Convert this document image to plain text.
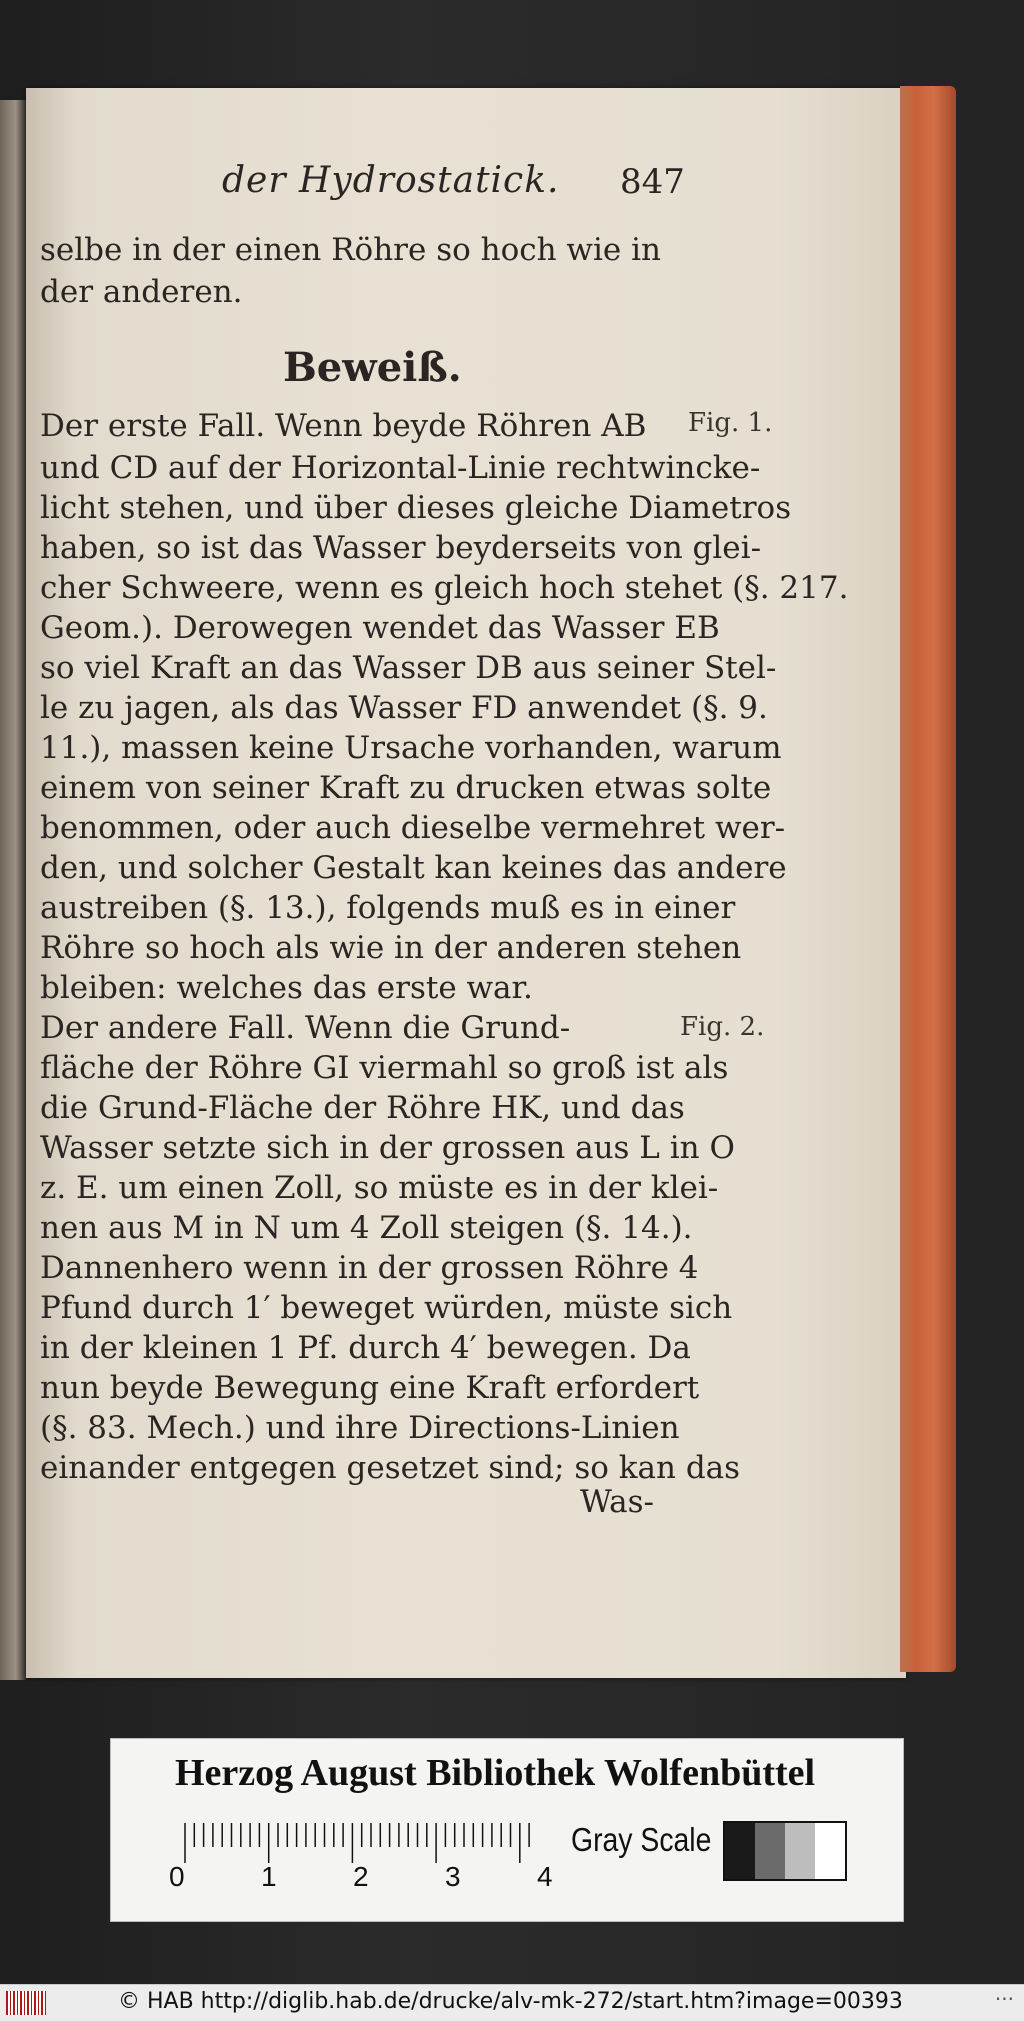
der Hydrostatick. 847
selbe in der einen Röhre so hoch wie in
der anderen.
Der erste Fall. Wenn beyde Röhren AB
und CD auf der Horizontal-Linie rechtwincke-
licht stehen, und über dieses gleiche Diametros
haben, so ist das Wasser beyderseits von glei-
cher Schweere, wenn es gleich hoch stehet (§. 217.
Geom.). Derowegen wendet das Wasser EB
so viel Kraft an das Wasser DB aus seiner Stel-
le zu jagen, als das Wasser FD anwendet (§. 9.
11.), massen keine Ursache vorhanden, warum
einem von seiner Kraft zu drucken etwas solte
benommen, oder auch dieselbe vermehret wer-
den, und solcher Gestalt kan keines das andere
austreiben (§. 13.), folgends muß es in einer
Röhre so hoch als wie in der anderen stehen
bleiben: welches das erste war.
Der andere Fall. Wenn die Grund-
fläche der Röhre GI viermahl so groß ist als
die Grund-Fläche der Röhre HK, und das
Wasser setzte sich in der grossen aus L in O
z. E. um einen Zoll, so müste es in der klei-
nen aus M in N um 4 Zoll steigen (§. 14.).
Dannenhero wenn in der grossen Röhre 4
Pfund durch 1′ beweget würden, müste sich
in der kleinen 1 Pf. durch 4′ bewegen. Da
nun beyde Bewegung eine Kraft erfordert
(§. 83. Mech.) und ihre Directions-Linien
einander entgegen gesetzet sind; so kan das
Beweiß.
Fig. 1.
Fig. 2.
Was-
Herzog August Bibliothek Wolfenbüttel
0	1	2	3	4
Gray Scale
© HAB http://diglib.hab.de/drucke/alv-mk-272/start.htm?image=00393	···
